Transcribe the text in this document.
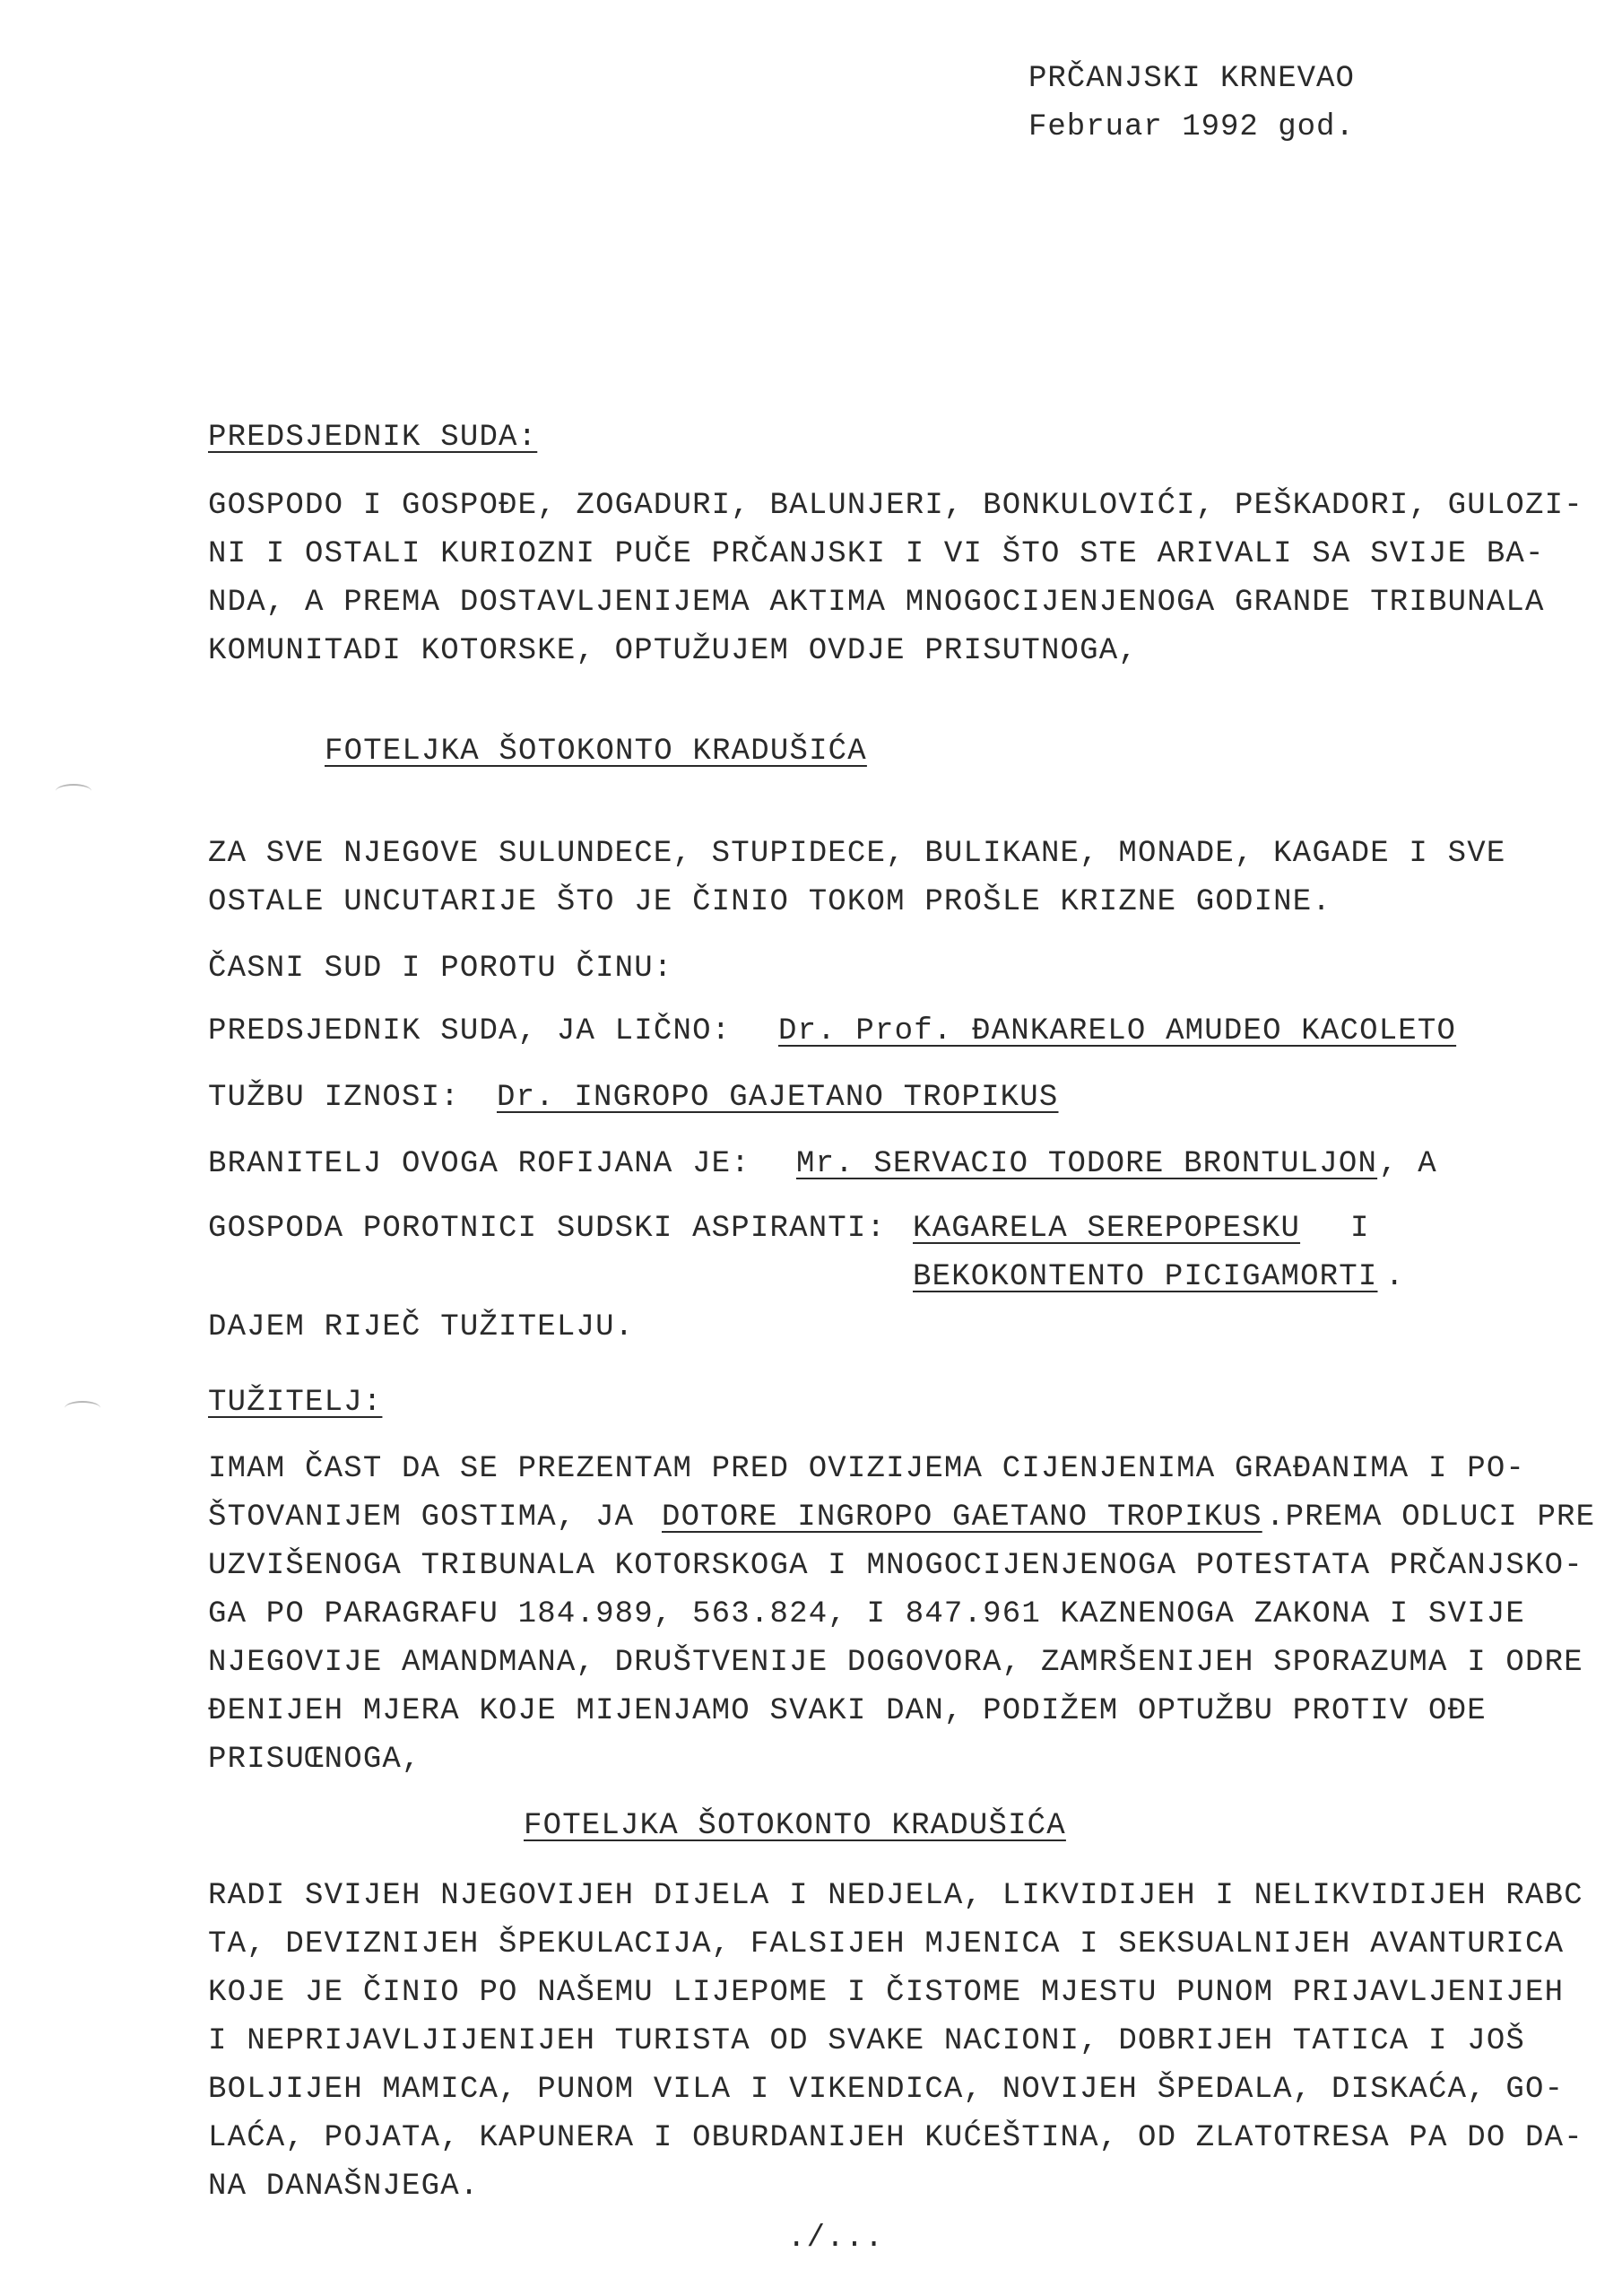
PRČANJSKI KRNEVAO
Februar 1992 god.
PREDSJEDNIK SUDA:
GOSPODO I GOSPOĐE, ZOGADURI, BALUNJERI, BONKULOVIĆI, PEŠKADORI, GULOZI-
NI I OSTALI KURIOZNI PUČE PRČANJSKI I VI ŠTO STE ARIVALI SA SVIJE BA-
NDA, A PREMA DOSTAVLJENIJEMA AKTIMA MNOGOCIJENJENOGA GRANDE TRIBUNALA
KOMUNITADI KOTORSKE, OPTUŽUJEM OVDJE PRISUTNOGA,
FOTELJKA ŠOTOKONTO KRADUŠIĆA
ZA SVE NJEGOVE SULUNDECE, STUPIDECE, BULIKANE, MONADE, KAGADE I SVE
OSTALE UNCUTARIJE ŠTO JE ČINIO TOKOM PROŠLE KRIZNE GODINE.
ČASNI SUD I POROTU ČINU:
PREDSJEDNIK SUDA, JA LIČNO: Dr. Prof. ĐANKARELO AMUDEO KACOLETO
TUŽBU IZNOSI: Dr. INGROPO GAJETANO TROPIKUS
BRANITELJ OVOGA ROFIJANA JE: Mr. SERVACIO TODORE BRONTULJON , A
GOSPODA POROTNICI SUDSKI ASPIRANTI: KAGARELA SEREPOPESKU I
BEKOKONTENTO PICIGAMORTI .
DAJEM RIJEČ TUŽITELJU.
TUŽITELJ:
IMAM ČAST DA SE PREZENTAM PRED OVIZIJEMA CIJENJENIMA GRAĐANIMA I PO-
ŠTOVANIJEM GOSTIMA, JA DOTORE INGROPO GAETANO TROPIKUS .PREMA ODLUCI PRE
UZVIŠENOGA TRIBUNALA KOTORSKOGA I MNOGOCIJENJENOGA POTESTATA PRČANJSKO-
GA PO PARAGRAFU 184.989, 563.824, I 847.961 KAZNENOGA ZAKONA I SVIJE
NJEGOVIJE AMANDMANA, DRUŠTVENIJE DOGOVORA, ZAMRŠENIJEH SPORAZUMA I ODRE
ĐENIJEH MJERA KOJE MIJENJAMO SVAKI DAN, PODIŽEM OPTUŽBU PROTIV OĐE
PRISUŒNOGA,
FOTELJKA ŠOTOKONTO KRADUŠIĆA
RADI SVIJEH NJEGOVIJEH DIJELA I NEDJELA, LIKVIDIJEH I NELIKVIDIJEH RABC
TA, DEVIZNIJEH ŠPEKULACIJA, FALSIJEH MJENICA I SEKSUALNIJEH AVANTURICA
KOJE JE ČINIO PO NAŠEMU LIJEPOME I ČISTOME MJESTU PUNOM PRIJAVLJENIJEH
I NEPRIJAVLJIJENIJEH TURISTA OD SVAKE NACIONI, DOBRIJEH TATICA I JOŠ
BOLJIJEH MAMICA, PUNOM VILA I VIKENDICA, NOVIJEH ŠPEDALA, DISKAĆA, GO-
LAĆA, POJATA, KAPUNERA I OBURDANIJEH KUĆEŠTINA, OD ZLATOTRESA PA DO DA-
NA DANAŠNJEGA.
./...
